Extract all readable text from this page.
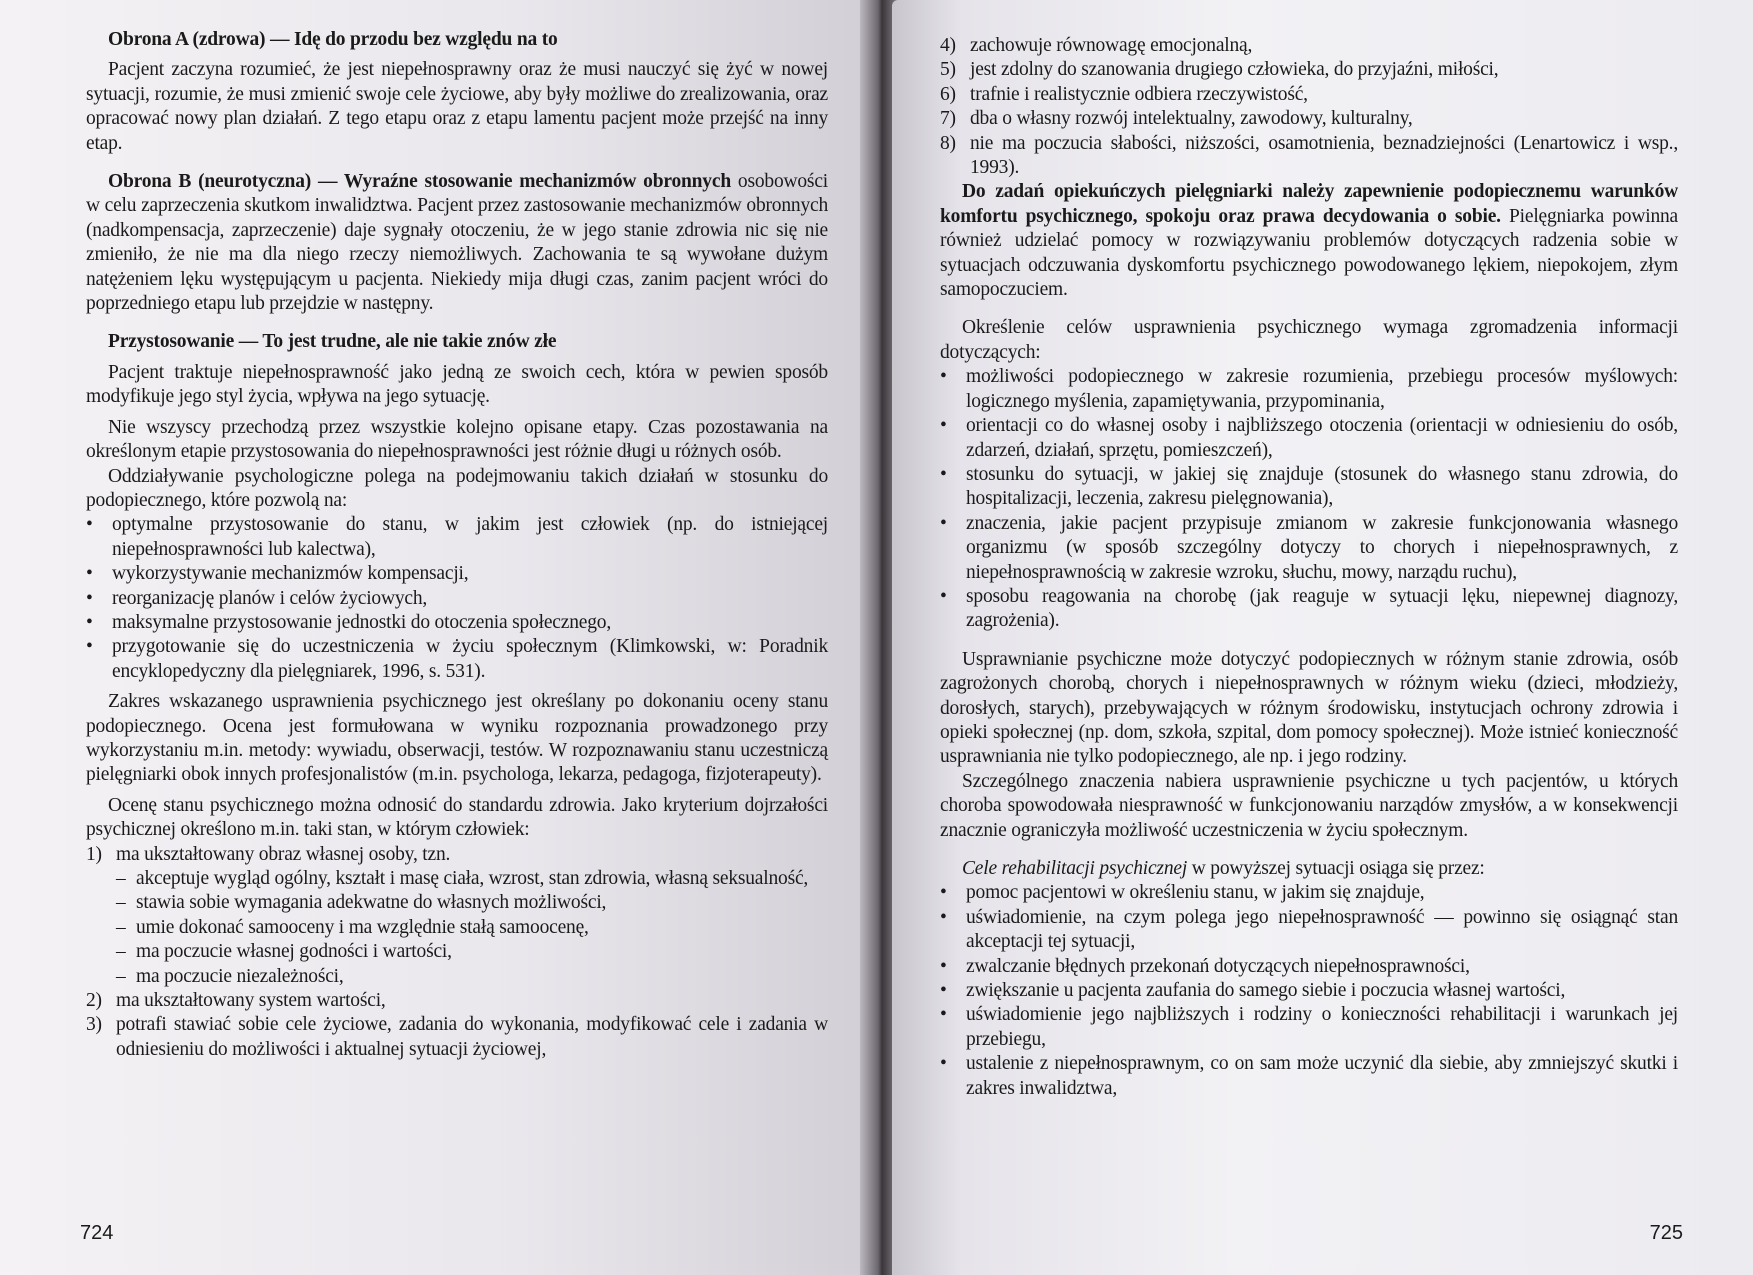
Obrona A (zdrowa) — Idę do przodu bez względu na to

Pacjent zaczyna rozumieć, że jest niepełnosprawny oraz że musi nauczyć się żyć w nowej sytuacji, rozumie, że musi zmienić swoje cele życiowe, aby były możliwe do zrealizowania, oraz opracować nowy plan działań. Z tego etapu oraz z etapu lamentu pacjent może przejść na inny etap.

Obrona B (neurotyczna) — Wyraźne stosowanie mechanizmów obronnych osobowości w celu zaprzeczenia skutkom inwalidztwa. Pacjent przez zastosowanie mechanizmów obronnych (nadkompensacja, zaprzeczenie) daje sygnały otoczeniu, że w jego stanie zdrowia nic się nie zmieniło, że nie ma dla niego rzeczy niemożliwych. Zachowania te są wywołane dużym natężeniem lęku występującym u pacjenta. Niekiedy mija długi czas, zanim pacjent wróci do poprzedniego etapu lub przejdzie w następny.

Przystosowanie — To jest trudne, ale nie takie znów złe

Pacjent traktuje niepełnosprawność jako jedną ze swoich cech, która w pewien sposób modyfikuje jego styl życia, wpływa na jego sytuację.

Nie wszyscy przechodzą przez wszystkie kolejno opisane etapy. Czas pozostawania na określonym etapie przystosowania do niepełnosprawności jest różnie długi u różnych osób.

Oddziaływanie psychologiczne polega na podejmowaniu takich działań w stosunku do podopiecznego, które pozwolą na:

• optymalne przystosowanie do stanu, w jakim jest człowiek (np. do istniejącej niepełnosprawności lub kalectwa),
• wykorzystywanie mechanizmów kompensacji,
• reorganizację planów i celów życiowych,
• maksymalne przystosowanie jednostki do otoczenia społecznego,
• przygotowanie się do uczestniczenia w życiu społecznym (Klimkowski, w: Poradnik encyklopedyczny dla pielęgniarek, 1996, s. 531).

Zakres wskazanego usprawnienia psychicznego jest określany po dokonaniu oceny stanu podopiecznego. Ocena jest formułowana w wyniku rozpoznania prowadzonego przy wykorzystaniu m.in. metody: wywiadu, obserwacji, testów. W rozpoznawaniu stanu uczestniczą pielęgniarki obok innych profesjonalistów (m.in. psychologa, lekarza, pedagoga, fizjoterapeuty).

Ocenę stanu psychicznego można odnosić do standardu zdrowia. Jako kryterium dojrzałości psychicznej określono m.in. taki stan, w którym człowiek:

1) ma ukształtowany obraz własnej osoby, tzn.
– akceptuje wygląd ogólny, kształt i masę ciała, wzrost, stan zdrowia, własną seksualność,
– stawia sobie wymagania adekwatne do własnych możliwości,
– umie dokonać samooceny i ma względnie stałą samoocenę,
– ma poczucie własnej godności i wartości,
– ma poczucie niezależności,
2) ma ukształtowany system wartości,
3) potrafi stawiać sobie cele życiowe, zadania do wykonania, modyfikować cele i zadania w odniesieniu do możliwości i aktualnej sytuacji życiowej,
724
4) zachowuje równowagę emocjonalną,
5) jest zdolny do szanowania drugiego człowieka, do przyjaźni, miłości,
6) trafnie i realistycznie odbiera rzeczywistość,
7) dba o własny rozwój intelektualny, zawodowy, kulturalny,
8) nie ma poczucia słabości, niższości, osamotnienia, beznadziejności (Lenartowicz i wsp., 1993).

Do zadań opiekuńczych pielęgniarki należy zapewnienie podopiecznemu warunków komfortu psychicznego, spokoju oraz prawa decydowania o sobie. Pielęgniarka powinna również udzielać pomocy w rozwiązywaniu problemów dotyczących radzenia sobie w sytuacjach odczuwania dyskomfortu psychicznego powodowanego lękiem, niepokojem, złym samopoczuciem.

Określenie celów usprawnienia psychicznego wymaga zgromadzenia informacji dotyczących:

• możliwości podopiecznego w zakresie rozumienia, przebiegu procesów myślowych: logicznego myślenia, zapamiętywania, przypominania,
• orientacji co do własnej osoby i najbliższego otoczenia (orientacji w odniesieniu do osób, zdarzeń, działań, sprzętu, pomieszczeń),
• stosunku do sytuacji, w jakiej się znajduje (stosunek do własnego stanu zdrowia, do hospitalizacji, leczenia, zakresu pielęgnowania),
• znaczenia, jakie pacjent przypisuje zmianom w zakresie funkcjonowania własnego organizmu (w sposób szczególny dotyczy to chorych i niepełnosprawnych, z niepełnosprawnością w zakresie wzroku, słuchu, mowy, narządu ruchu),
• sposobu reagowania na chorobę (jak reaguje w sytuacji lęku, niepewnej diagnozy, zagrożenia).

Usprawnianie psychiczne może dotyczyć podopiecznych w różnym stanie zdrowia, osób zagrożonych chorobą, chorych i niepełnosprawnych w różnym wieku (dzieci, młodzieży, dorosłych, starych), przebywających w różnym środowisku, instytucjach ochrony zdrowia i opieki społecznej (np. dom, szkoła, szpital, dom pomocy społecznej). Może istnieć konieczność usprawniania nie tylko podopiecznego, ale np. i jego rodziny.

Szczególnego znaczenia nabiera usprawnienie psychiczne u tych pacjentów, u których choroba spowodowała niesprawność w funkcjonowaniu narządów zmysłów, a w konsekwencji znacznie ograniczyła możliwość uczestniczenia w życiu społecznym.

Cele rehabilitacji psychicznej w powyższej sytuacji osiąga się przez:

• pomoc pacjentowi w określeniu stanu, w jakim się znajduje,
• uświadomienie, na czym polega jego niepełnosprawność — powinno się osiągnąć stan akceptacji tej sytuacji,
• zwalczanie błędnych przekonań dotyczących niepełnosprawności,
• zwiększanie u pacjenta zaufania do samego siebie i poczucia własnej wartości,
• uświadomienie jego najbliższych i rodziny o konieczności rehabilitacji i warunkach jej przebiegu,
• ustalenie z niepełnosprawnym, co on sam może uczynić dla siebie, aby zmniejszyć skutki i zakres inwalidztwa,
725
